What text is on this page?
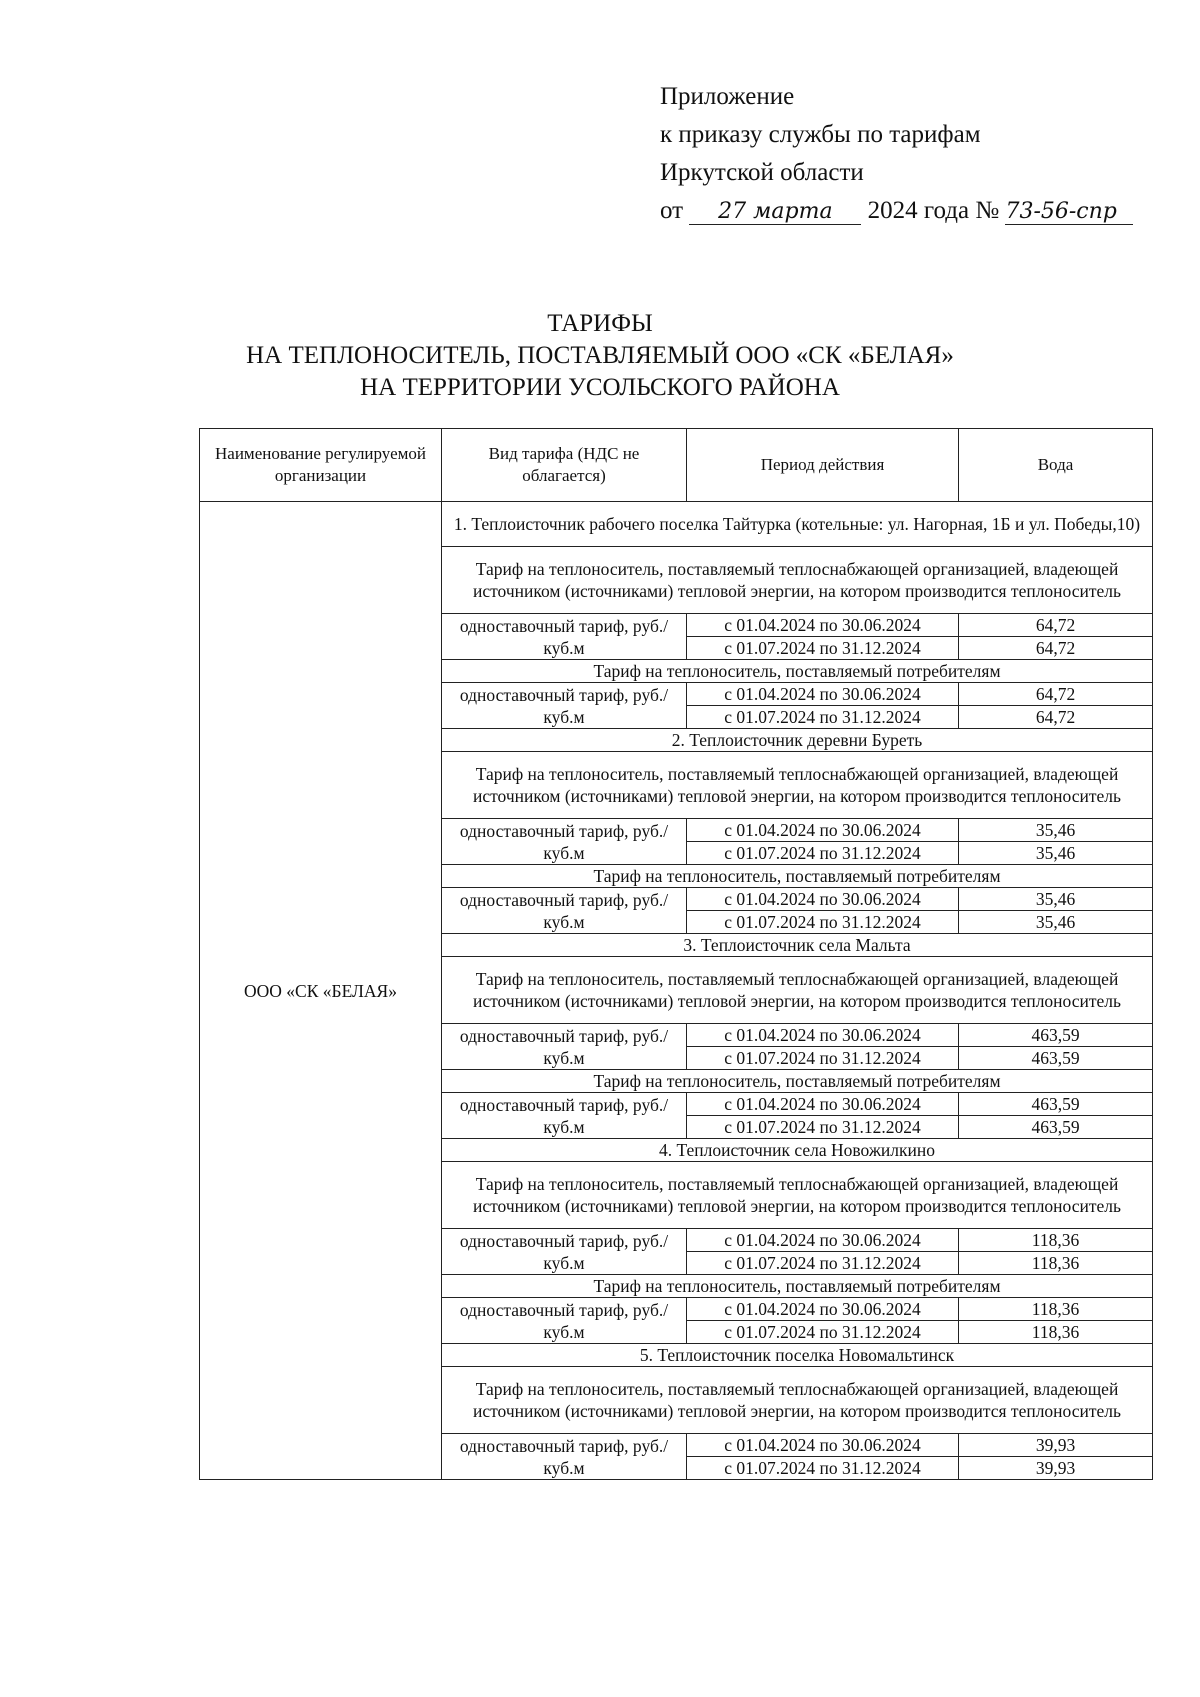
Приложение
к приказу службы по тарифам
Иркутской области
от 27 марта 2024 года № 73-56-спр
ТАРИФЫ
НА ТЕПЛОНОСИТЕЛЬ, ПОСТАВЛЯЕМЫЙ ООО «СК «БЕЛАЯ»
НА ТЕРРИТОРИИ УСОЛЬСКОГО РАЙОНА
Наименование регулируемой организации	Вид тарифа (НДС не облагается)	Период действия	Вода
ООО «СК «БЕЛАЯ»	1. Теплоисточник рабочего поселка Тайтурка (котельные: ул. Нагорная, 1Б и ул. Победы,10)		
	Тариф на теплоноситель, поставляемый теплоснабжающей организацией, владеющей источником (источниками) тепловой энергии, на котором производится теплоноситель		
	одноставочный тариф, руб./куб.м	с 01.04.2024 по 30.06.2024	64,72
		с 01.07.2024 по 31.12.2024	64,72
	Тариф на теплоноситель, поставляемый потребителям		
	одноставочный тариф, руб./куб.м	с 01.04.2024 по 30.06.2024	64,72
		с 01.07.2024 по 31.12.2024	64,72
	2. Теплоисточник деревни Буреть		
	Тариф на теплоноситель, поставляемый теплоснабжающей организацией, владеющей источником (источниками) тепловой энергии, на котором производится теплоноситель		
	одноставочный тариф, руб./куб.м	с 01.04.2024 по 30.06.2024	35,46
		с 01.07.2024 по 31.12.2024	35,46
	Тариф на теплоноситель, поставляемый потребителям		
	одноставочный тариф, руб./куб.м	с 01.04.2024 по 30.06.2024	35,46
		с 01.07.2024 по 31.12.2024	35,46
	3. Теплоисточник села Мальта		
	Тариф на теплоноситель, поставляемый теплоснабжающей организацией, владеющей источником (источниками) тепловой энергии, на котором производится теплоноситель		
	одноставочный тариф, руб./куб.м	с 01.04.2024 по 30.06.2024	463,59
		с 01.07.2024 по 31.12.2024	463,59
	Тариф на теплоноситель, поставляемый потребителям		
	одноставочный тариф, руб./куб.м	с 01.04.2024 по 30.06.2024	463,59
		с 01.07.2024 по 31.12.2024	463,59
	4. Теплоисточник села Новожилкино		
	Тариф на теплоноситель, поставляемый теплоснабжающей организацией, владеющей источником (источниками) тепловой энергии, на котором производится теплоноситель		
	одноставочный тариф, руб./куб.м	с 01.04.2024 по 30.06.2024	118,36
		с 01.07.2024 по 31.12.2024	118,36
	Тариф на теплоноситель, поставляемый потребителям		
	одноставочный тариф, руб./куб.м	с 01.04.2024 по 30.06.2024	118,36
		с 01.07.2024 по 31.12.2024	118,36
	5. Теплоисточник поселка Новомальтинск		
	Тариф на теплоноситель, поставляемый теплоснабжающей организацией, владеющей источником (источниками) тепловой энергии, на котором производится теплоноситель		
	одноставочный тариф, руб./куб.м	с 01.04.2024 по 30.06.2024	39,93
		с 01.07.2024 по 31.12.2024	39,93
